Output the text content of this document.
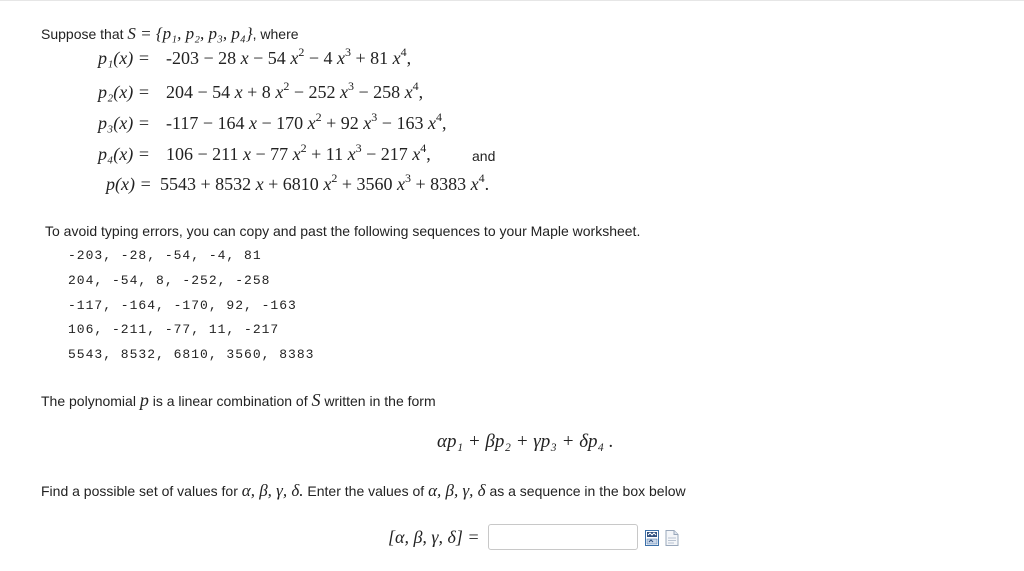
Suppose that S = {p₁, p₂, p₃, p₄}, where
p₁(x) = -203 − 28 x − 54 $x^2 - 4$ $x^3 + 81$ $x^4$,
p₂(x) = 204 − 54 x + 8 $x^2 - 252$ $x^3 - 258$ $x^4$,
p₃(x) = -117 − 164 x − 170 $x^2 + 92$ $x^3 - 163$ $x^4$,
p₄(x) = 106 − 211 x − 77 $x^2 + 11$ $x^3 - 217$ $x^4$,	and
p(x) = 5543 + 8532 x + 6810 $x^2 + 3560$ $x^3 + 8383$ $x^4$.
To avoid typing errors, you can copy and past the following sequences to your Maple worksheet.
-203, -28, -54, -4, 81
204, -54, 8, -252, -258
-117, -164, -170, 92, -163
106, -211, -77, 11, -217
5543, 8532, 6810, 3560, 8383
The polynomial p is a linear combination of S written in the form
αp₁ + βp₂ + γp₃ + δp₄ .
Find a possible set of values for α, β, γ, δ. Enter the values of α, β, γ, δ as a sequence in the box below
[α, β, γ, δ] =
